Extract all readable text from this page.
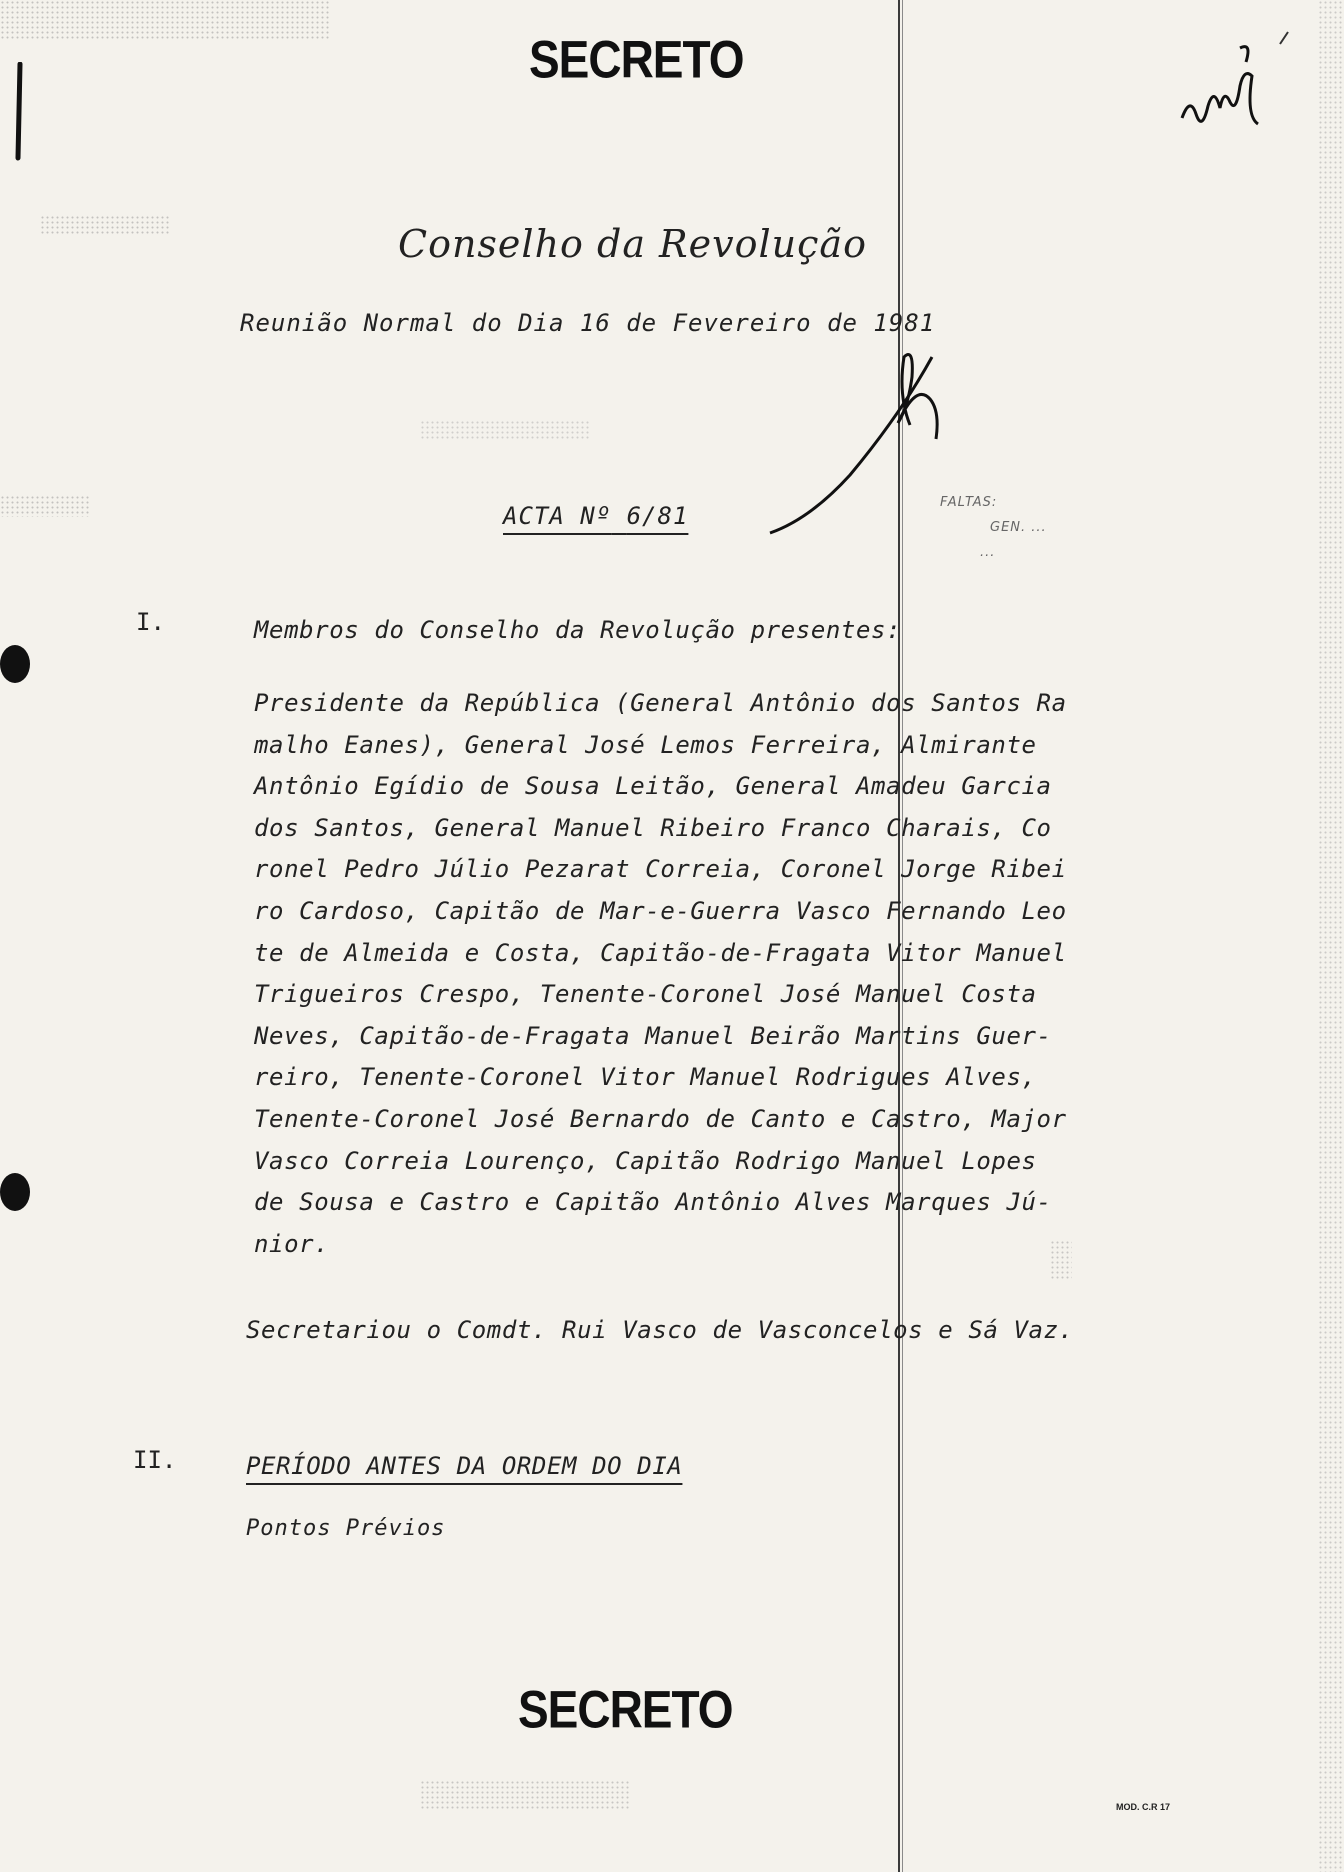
SECRETO
Conselho da Revolução
Reunião Normal do Dia 16 de Fevereiro de 1981
ACTA Nº 6/81	FALTAS:
GEN. ...
...
I.	Membros do Conselho da Revolução presentes:
Presidente da República (General Antônio dos Santos Ra
malho Eanes), General José Lemos Ferreira, Almirante
Antônio Egídio de Sousa Leitão, General Amadeu Garcia
dos Santos, General Manuel Ribeiro Franco Charais, Co
ronel Pedro Júlio Pezarat Correia, Coronel Jorge Ribei
ro Cardoso, Capitão de Mar-e-Guerra Vasco Fernando Leo
te de Almeida e Costa, Capitão-de-Fragata Vitor Manuel
Trigueiros Crespo, Tenente-Coronel José Manuel Costa
Neves, Capitão-de-Fragata Manuel Beirão Martins Guer-
reiro, Tenente-Coronel Vitor Manuel Rodrigues Alves,
Tenente-Coronel José Bernardo de Canto e Castro, Major
Vasco Correia Lourenço, Capitão Rodrigo Manuel Lopes
de Sousa e Castro e Capitão Antônio Alves Marques Jú-
nior.
Secretariou o Comdt. Rui Vasco de Vasconcelos e Sá Vaz.
II.	PERÍODO ANTES DA ORDEM DO DIA
Pontos Prévios
SECRETO
MOD. C.R 17
